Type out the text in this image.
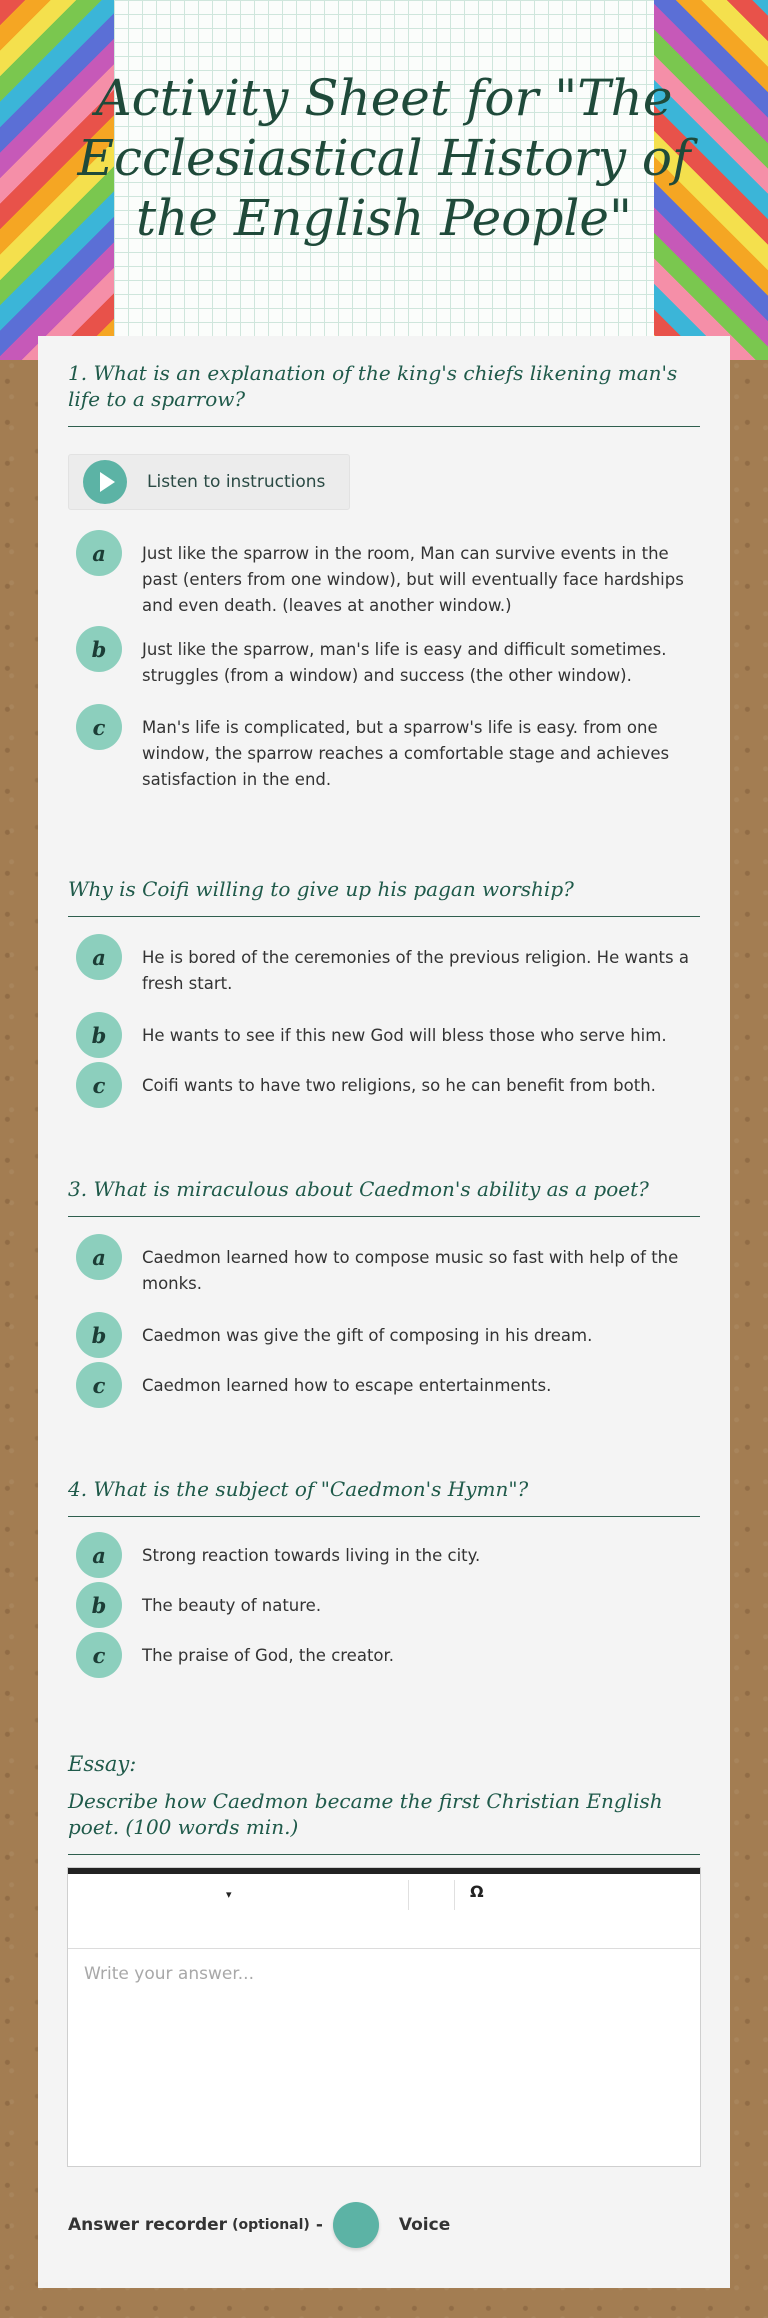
Activity Sheet for "The Ecclesiastical History of the English People"
1. What is an explanation of the king's chiefs likening man's life to a sparrow?
Listen to instructions
a	Just like the sparrow in the room, Man can survive events in the past (enters from one window), but will eventually face hardships and even death. (leaves at another window.)
b	Just like the sparrow, man's life is easy and difficult sometimes. struggles (from a window) and success (the other window).
c	Man's life is complicated, but a sparrow's life is easy. from one window, the sparrow reaches a comfortable stage and achieves satisfaction in the end.
Why is Coifi willing to give up his pagan worship?
a	He is bored of the ceremonies of the previous religion. He wants a fresh start.
b	He wants to see if this new God will bless those who serve him.
c	Coifi wants to have two religions, so he can benefit from both.
3. What is miraculous about Caedmon's ability as a poet?
a	Caedmon learned how to compose music so fast with help of the monks.
b	Caedmon was give the gift of composing in his dream.
c	Caedmon learned how to escape entertainments.
4. What is the subject of "Caedmon's Hymn"?
a	Strong reaction towards living in the city.
b	The beauty of nature.
c	The praise of God, the creator.

Essay:

Describe how Caedmon became the first Christian English poet. (100 words min.)
▾	Ω
Write your answer...
Answer recorder (optional) -	Voice
